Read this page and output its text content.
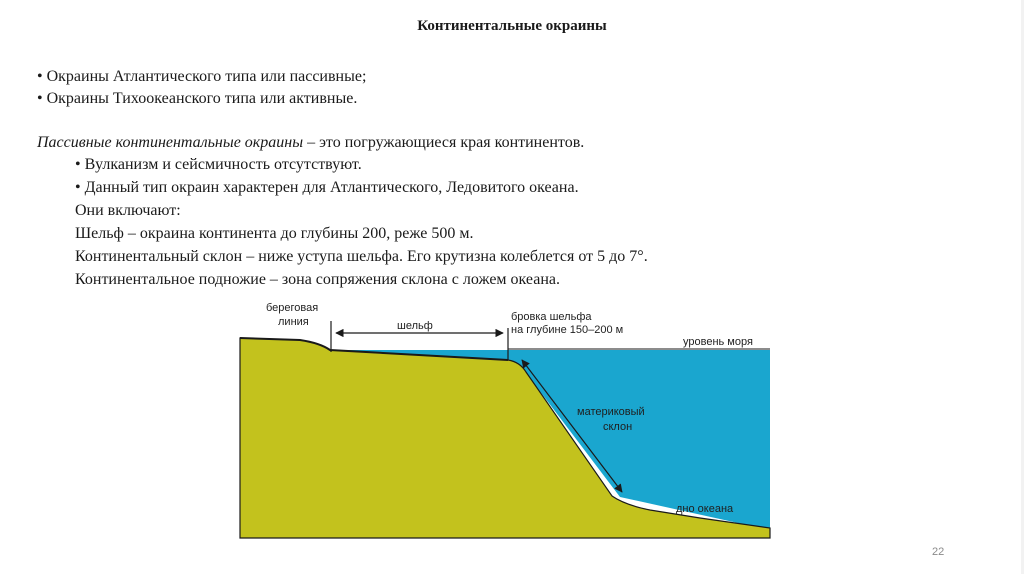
Континентальные окраины
• Окраины Атлантического типа или пассивные;
• Окраины Тихоокеанского типа или активные.
Пассивные континентальные окраины – это погружающиеся края континентов.
• Вулканизм и сейсмичность отсутствуют.
• Данный тип окраин характерен для Атлантического, Ледовитого океана.
Они включают:
Шельф – окраина континента до глубины 200, реже 500 м.
Континентальный склон – ниже уступа шельфа. Его крутизна колеблется от 5 до 7°.
Континентальное подножие – зона сопряжения склона с ложем океана.
береговая
линия	шельф
бровка шельфа
на глубине 150–200 м
уровень моря
материковый
склон
дно океана
22
